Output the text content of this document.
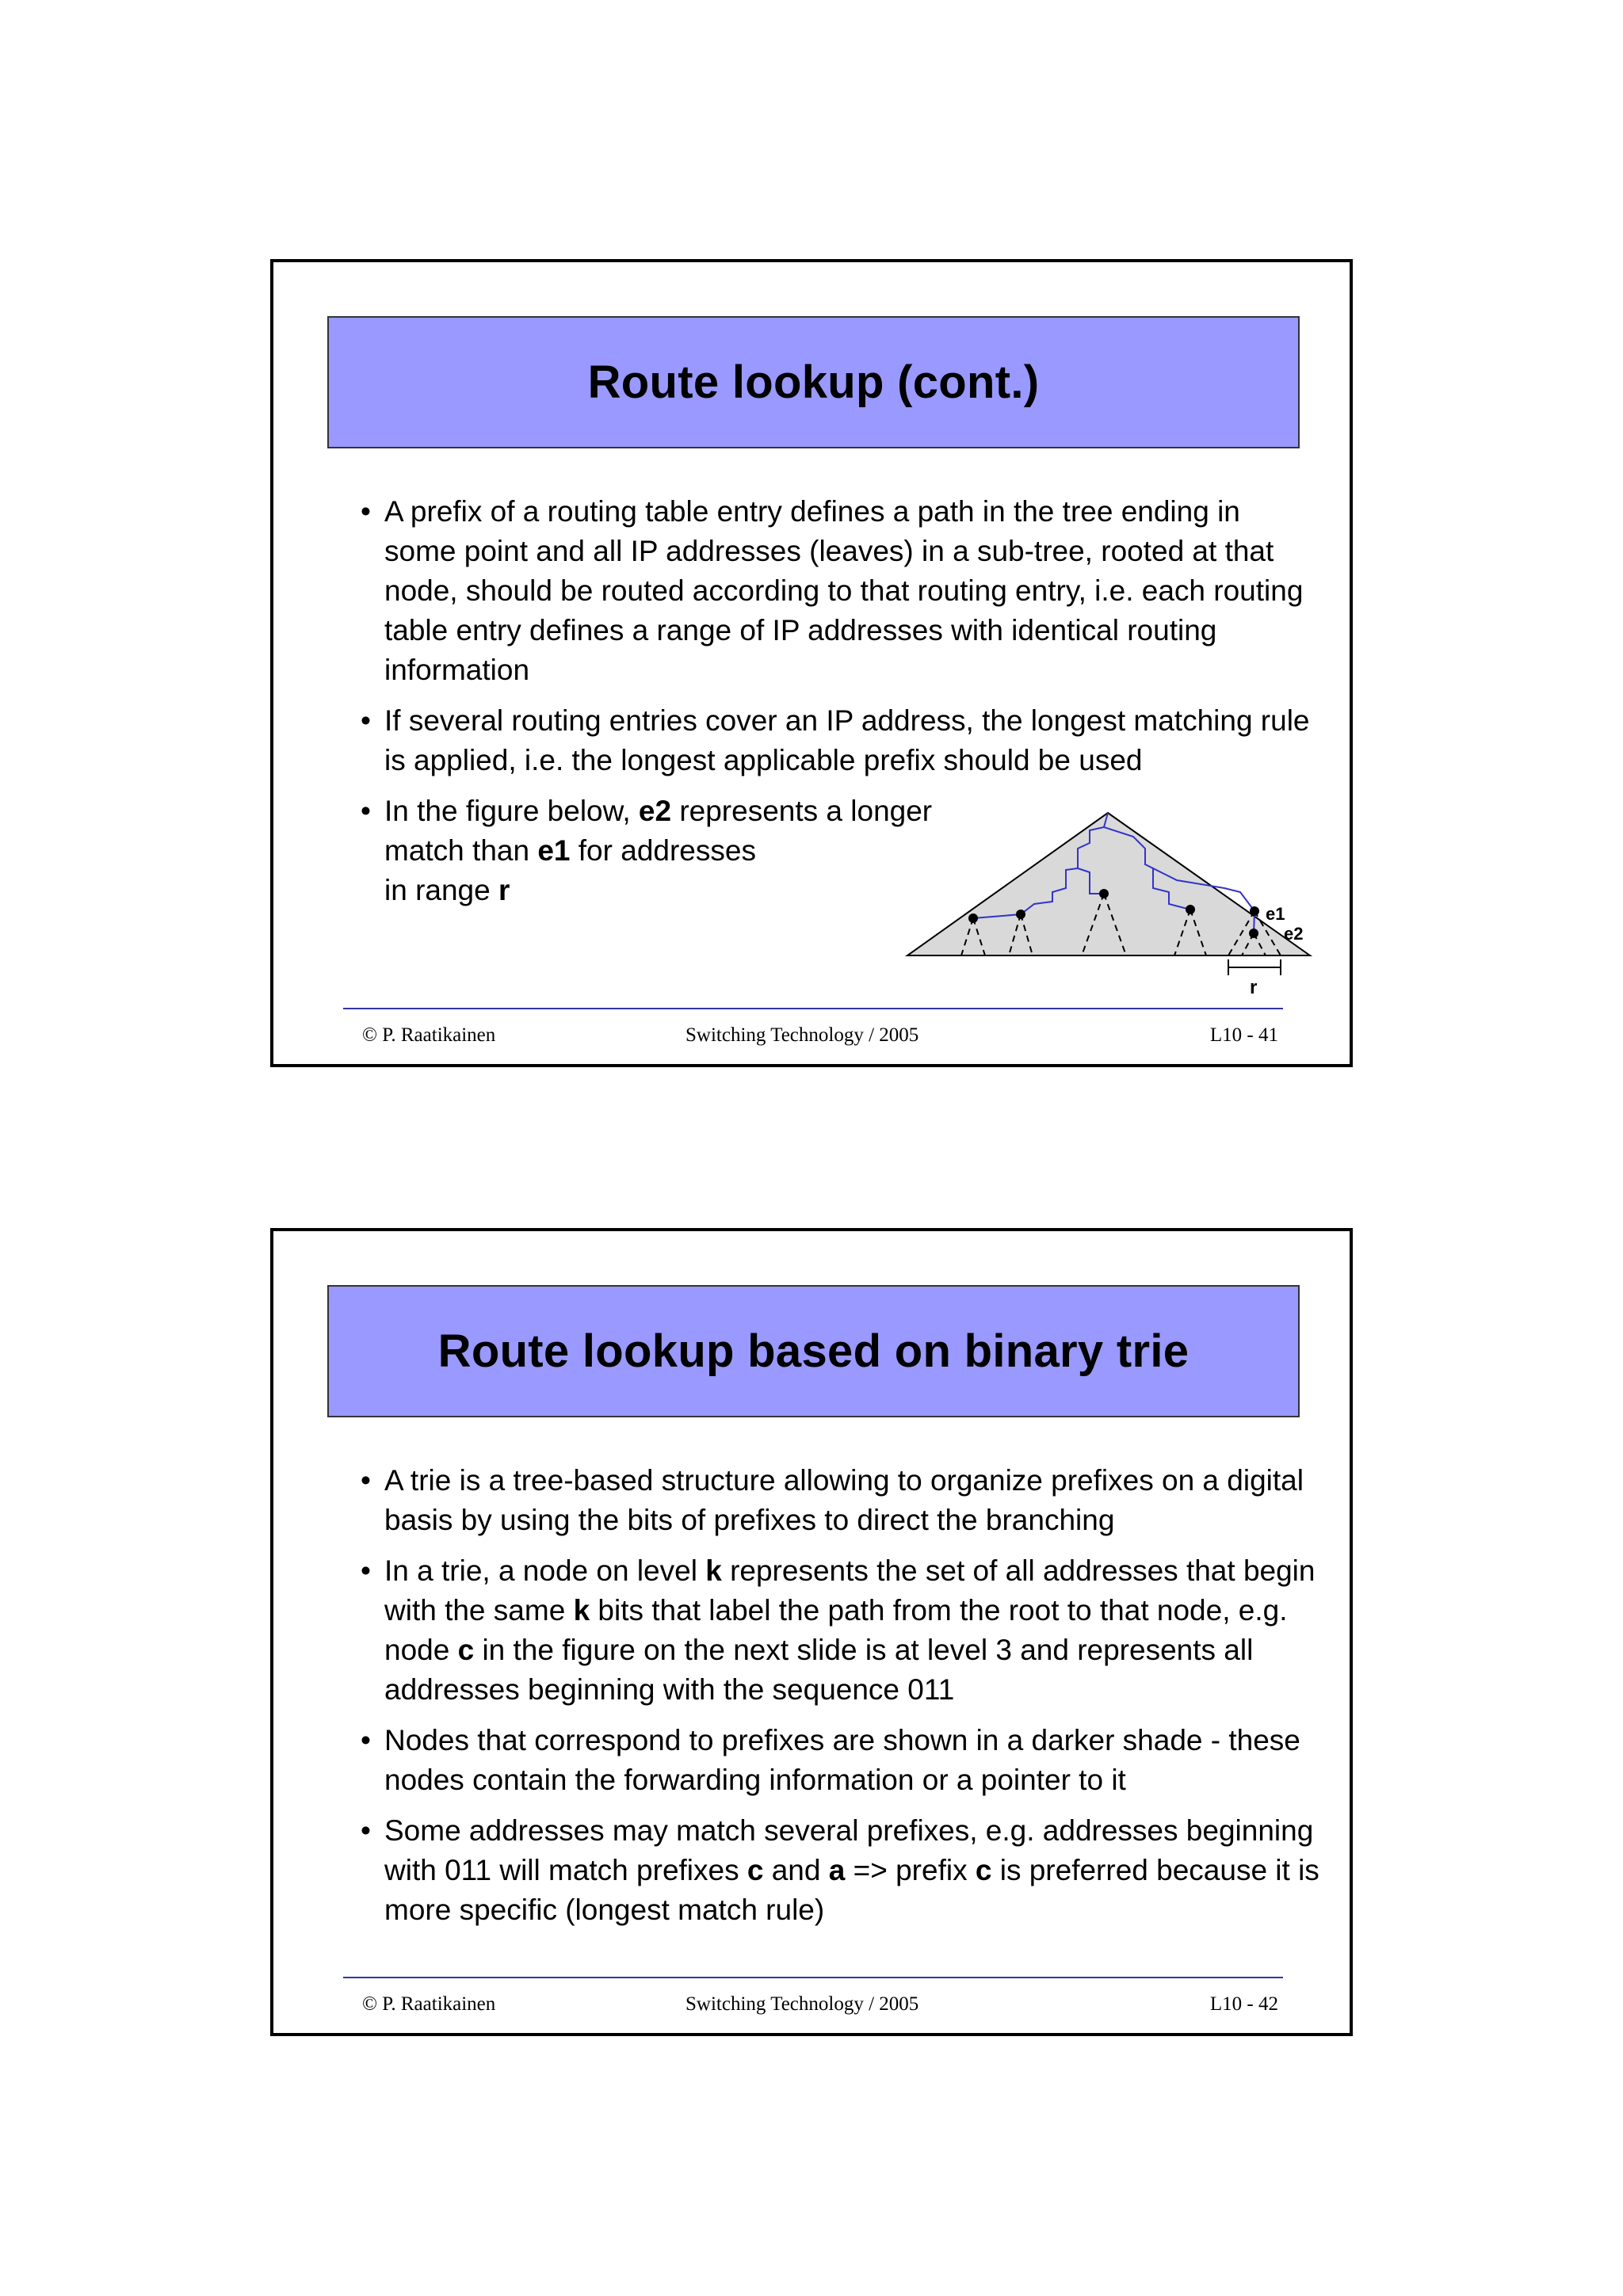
Route lookup (cont.)
• A prefix of a routing table entry defines a path in the tree ending in some point and all IP addresses (leaves) in a sub-tree, rooted at that node, should be routed according to that routing entry, i.e. each routing table entry defines a range of IP addresses with identical routing information
• If several routing entries cover an IP address, the longest matching rule is applied, i.e. the longest applicable prefix should be used
• In the figure below, e2 represents a longer
match than e1 for addresses
in range r
e1
e2
r
© P. Raatikainen	Switching Technology / 2005	L10 - 41
Route lookup based on binary trie
• A trie is a tree-based structure allowing to organize prefixes on a digital basis by using the bits of prefixes to direct the branching
• In a trie, a node on level k represents the set of all addresses that begin with the same k bits that label the path from the root to that node, e.g. node c in the figure on the next slide is at level 3 and represents all addresses beginning with the sequence 011
• Nodes that correspond to prefixes are shown in a darker shade - these nodes contain the forwarding information or a pointer to it
• Some addresses may match several prefixes, e.g. addresses beginning with 011 will match prefixes c and a => prefix c is preferred because it is more specific (longest match rule)
© P. Raatikainen	Switching Technology / 2005	L10 - 42
